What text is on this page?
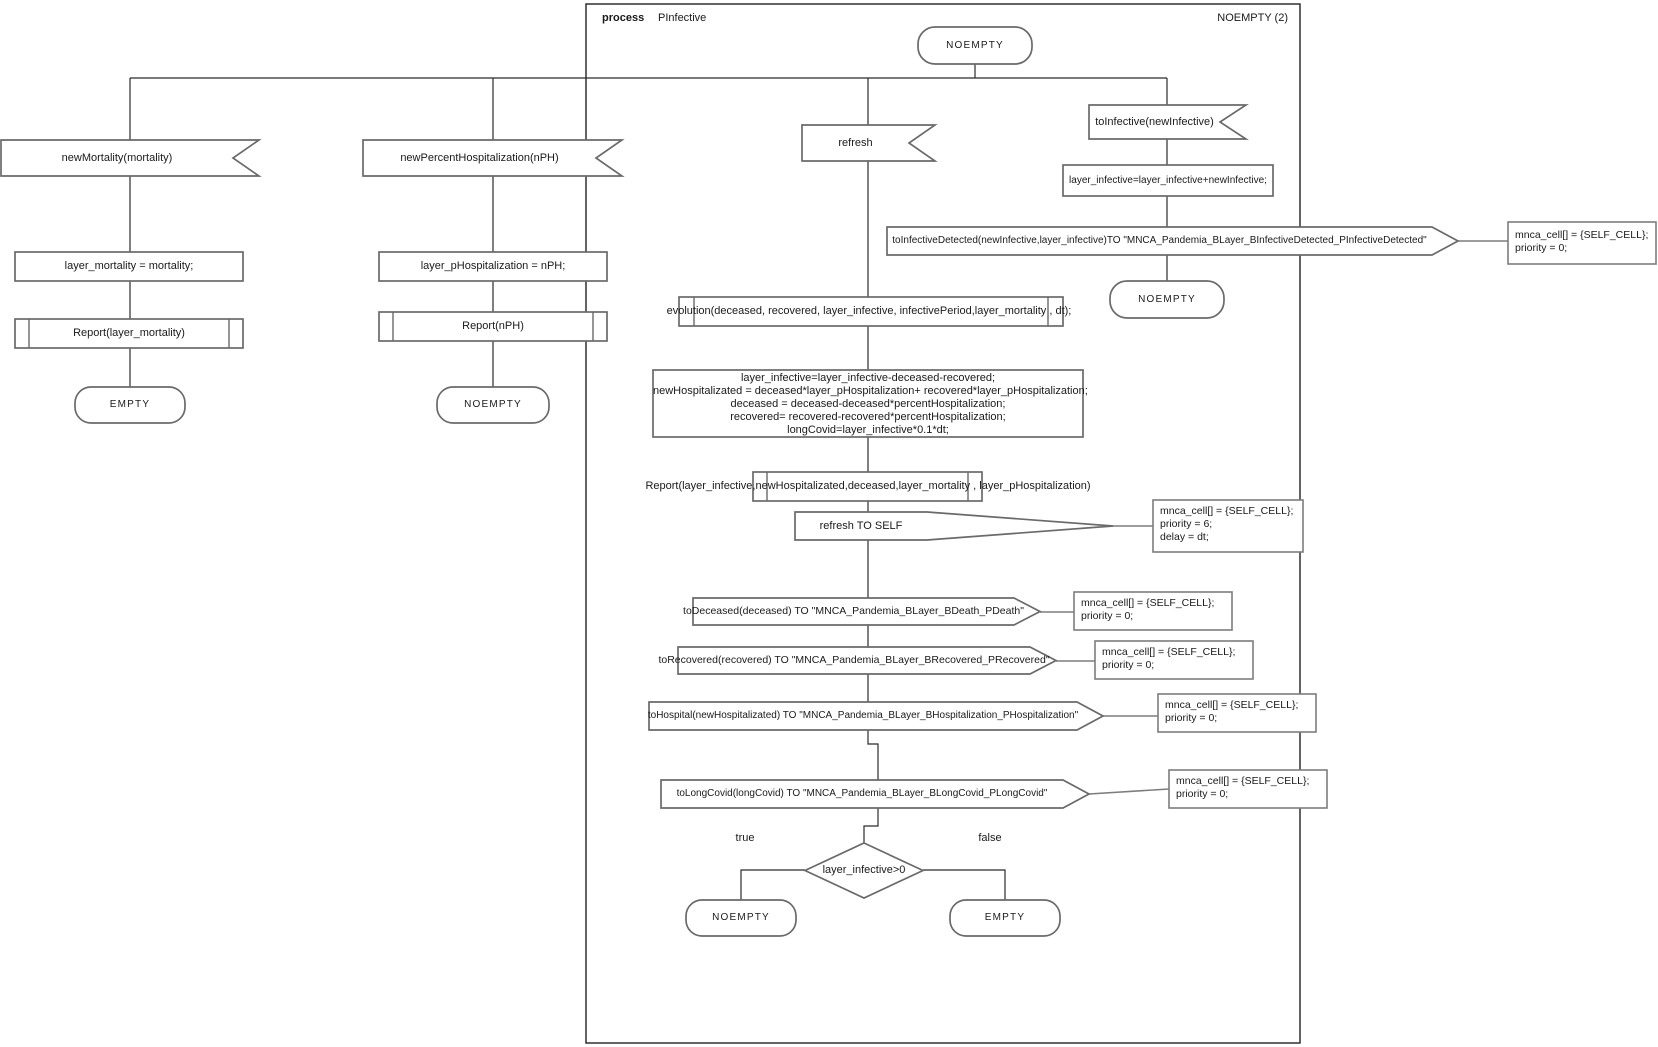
process PInfective	NOEMPTY (2)
NOEMPTY
newMortality(mortality)
layer_mortality = mortality;
Report(layer_mortality)
EMPTY
newPercentHospitalization(nPH)
layer_pHospitalization = nPH;
Report(nPH)
NOEMPTY
refresh
evolution(deceased, recovered, layer_infective, infectivePeriod,layer_mortality , dt);
layer_infective=layer_infective-deceased-recovered;
newHospitalizated = deceased*layer_pHospitalization+ recovered*layer_pHospitalization;
deceased = deceased-deceased*percentHospitalization;
recovered= recovered-recovered*percentHospitalization;
longCovid=layer_infective*0.1*dt;
Report(layer_infective,newHospitalizated,deceased,layer_mortality , layer_pHospitalization)
refresh TO SELF
toDeceased(deceased) TO "MNCA_Pandemia_BLayer_BDeath_PDeath"
toRecovered(recovered) TO "MNCA_Pandemia_BLayer_BRecovered_PRecovered"
toHospital(newHospitalizated) TO "MNCA_Pandemia_BLayer_BHospitalization_PHospitalization"
toLongCovid(longCovid) TO "MNCA_Pandemia_BLayer_BLongCovid_PLongCovid"
layer_infective>0
true	false
NOEMPTY	EMPTY
toInfective(newInfective)
layer_infective=layer_infective+newInfective;
toInfectiveDetected(newInfective,layer_infective)TO "MNCA_Pandemia_BLayer_BInfectiveDetected_PInfectiveDetected"
NOEMPTY
mnca_cell[] = {SELF_CELL};
priority = 6;
delay = dt;
mnca_cell[] = {SELF_CELL};
priority = 0;
mnca_cell[] = {SELF_CELL};
priority = 0;
mnca_cell[] = {SELF_CELL};
priority = 0;
mnca_cell[] = {SELF_CELL};
priority = 0;
mnca_cell[] = {SELF_CELL};
priority = 0;
